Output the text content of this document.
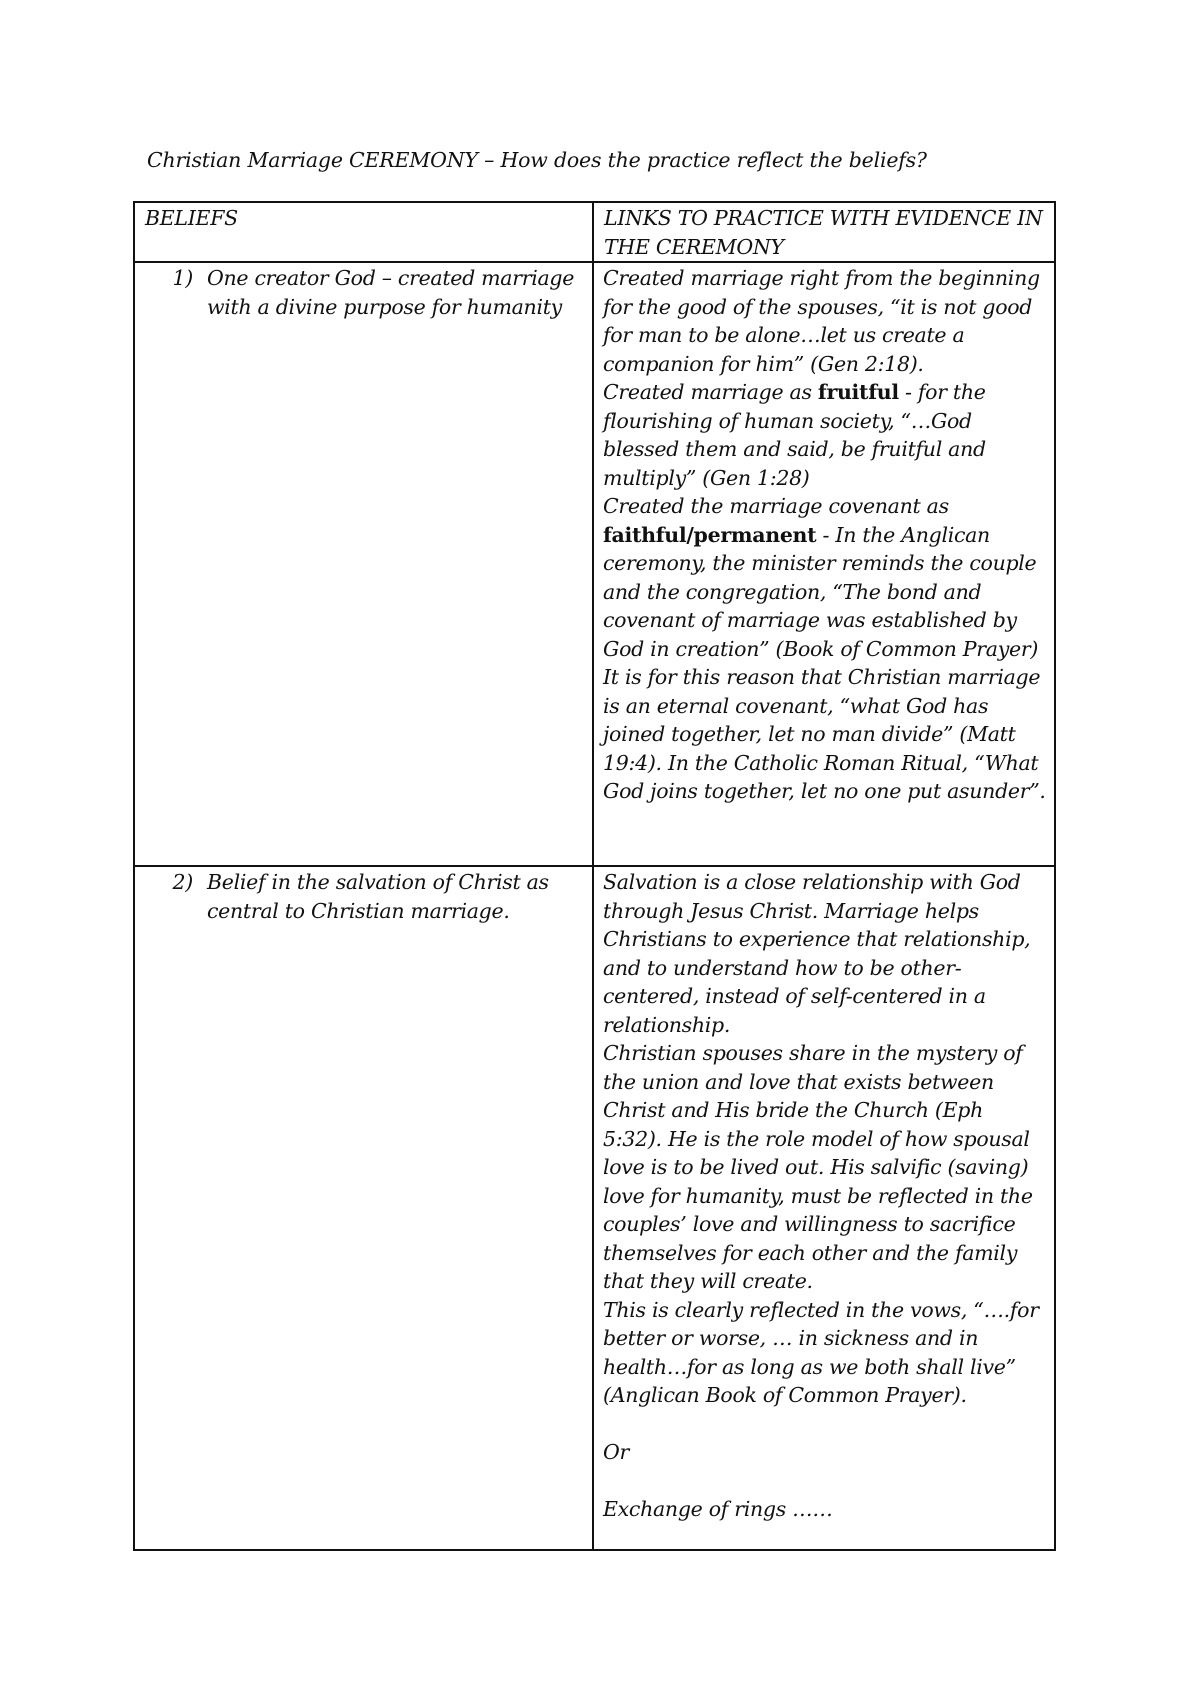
Christian Marriage CEREMONY – How does the practice reflect the beliefs?
BELIEFS	LINKS TO PRACTICE WITH EVIDENCE IN
THE CEREMONY

1) One creator God – created marriage with a divine purpose for humanity	Created marriage right from the beginning for the good of the spouses, “it is not good for man to be alone…let us create a companion for him” (Gen 2:18).
Created marriage as fruitful - for the flourishing of human society, “…God blessed them and said, be fruitful and multiply” (Gen 1:28)
Created the marriage covenant as faithful/permanent - In the Anglican ceremony, the minister reminds the couple and the congregation, “The bond and covenant of marriage was established by God in creation” (Book of Common Prayer) It is for this reason that Christian marriage is an eternal covenant, “what God has joined together, let no man divide” (Matt 19:4). In the Catholic Roman Ritual, “What God joins together, let no one put asunder”.

2) Belief in the salvation of Christ as central to Christian marriage.	Salvation is a close relationship with God through Jesus Christ. Marriage helps Christians to experience that relationship, and to understand how to be other-centered, instead of self-centered in a relationship.
Christian spouses share in the mystery of the union and love that exists between Christ and His bride the Church (Eph 5:32). He is the role model of how spousal love is to be lived out. His salvific (saving) love for humanity, must be reflected in the couples’ love and willingness to sacrifice themselves for each other and the family that they will create.
This is clearly reflected in the vows, “….for better or worse, … in sickness and in health…for as long as we both shall live” (Anglican Book of Common Prayer).
Or
Exchange of rings ……
